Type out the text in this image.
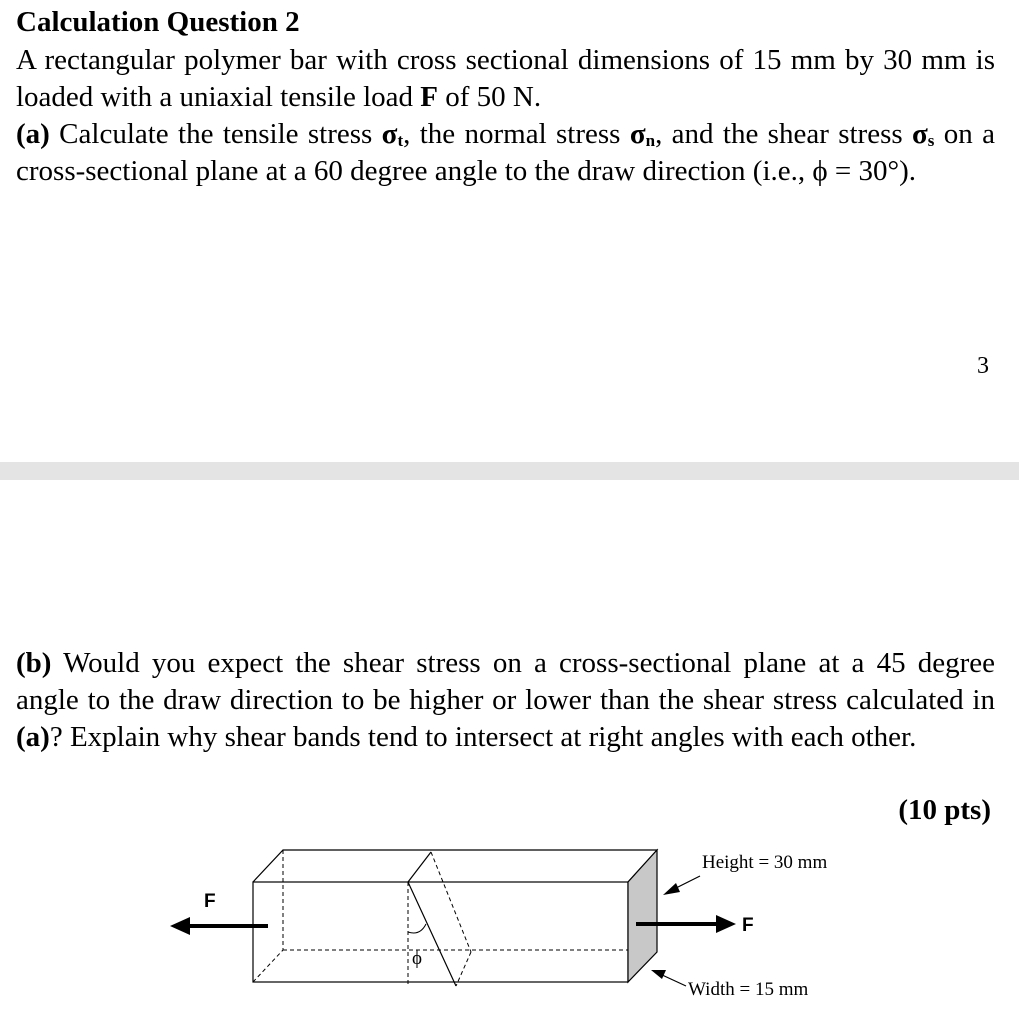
Calculation Question 2
A rectangular polymer bar with cross sectional dimensions of 15 mm by 30 mm is loaded with a uniaxial tensile load F of 50 N.
(a) Calculate the tensile stress $\sigma_t$, the normal stress $\sigma_n$, and the shear stress $\sigma_s$ on a cross-sectional plane at a 60 degree angle to the draw direction (i.e., ϕ = 30°).
3
(b) Would you expect the shear stress on a cross-sectional plane at a 45 degree angle to the draw direction to be higher or lower than the shear stress calculated in (a)? Explain why shear bands tend to intersect at right angles with each other.
(10 pts)
ϕ
F
F
Height = 30 mm
Width = 15 mm
